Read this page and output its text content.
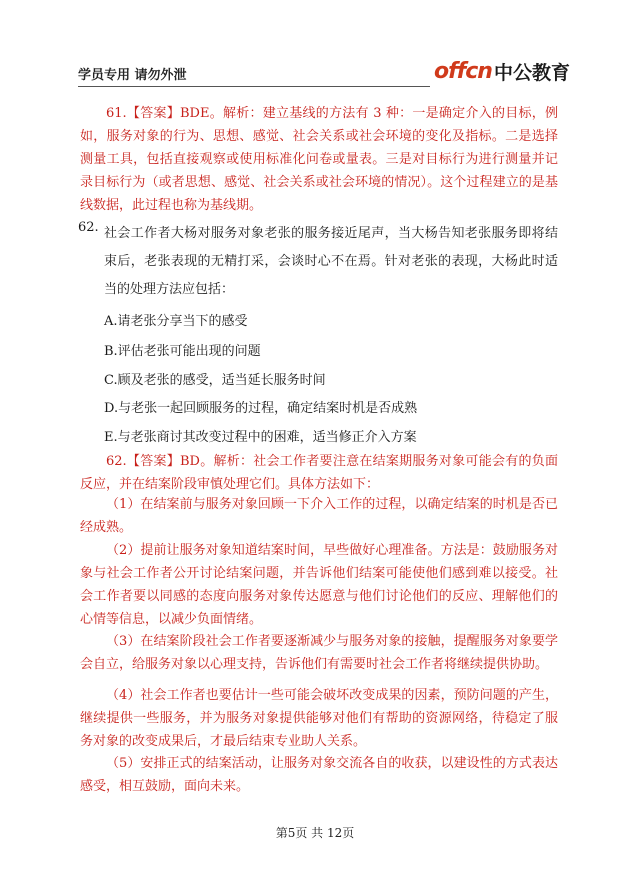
学员专用 请勿外泄	offcn 中公教育
61.【答案】BDE。解析：建立基线的方法有 3 种：一是确定介入的目标，例如，服务对象的行为、思想、感觉、社会关系或社会环境的变化及指标。二是选择测量工具，包括直接观察或使用标准化问卷或量表。三是对目标行为进行测量并记录目标行为（或者思想、感觉、社会关系或社会环境的情况）。这个过程建立的是基线数据，此过程也称为基线期。
62. 社会工作者大杨对服务对象老张的服务接近尾声，当大杨告知老张服务即将结束后，老张表现的无精打采，会谈时心不在焉。针对老张的表现，大杨此时适当的处理方法应包括：
A.请老张分享当下的感受
B.评估老张可能出现的问题
C.顾及老张的感受，适当延长服务时间
D.与老张一起回顾服务的过程，确定结案时机是否成熟
E.与老张商讨其改变过程中的困难，适当修正介入方案
62.【答案】BD。解析：社会工作者要注意在结案期服务对象可能会有的负面反应，并在结案阶段审慎处理它们。具体方法如下：
（1）在结案前与服务对象回顾一下介入工作的过程，以确定结案的时机是否已经成熟。
（2）提前让服务对象知道结案时间，早些做好心理准备。方法是：鼓励服务对象与社会工作者公开讨论结案问题，并告诉他们结案可能使他们感到难以接受。社会工作者要以同感的态度向服务对象传达愿意与他们讨论他们的反应、理解他们的心情等信息，以减少负面情绪。
（3）在结案阶段社会工作者要逐渐减少与服务对象的接触，提醒服务对象要学会自立，给服务对象以心理支持，告诉他们有需要时社会工作者将继续提供协助。
（4）社会工作者也要估计一些可能会破坏改变成果的因素，预防问题的产生，继续提供一些服务，并为服务对象提供能够对他们有帮助的资源网络，待稳定了服务对象的改变成果后，才最后结束专业助人关系。
（5）安排正式的结案活动，让服务对象交流各自的收获，以建设性的方式表达感受，相互鼓励，面向未来。
第5页 共 12页
